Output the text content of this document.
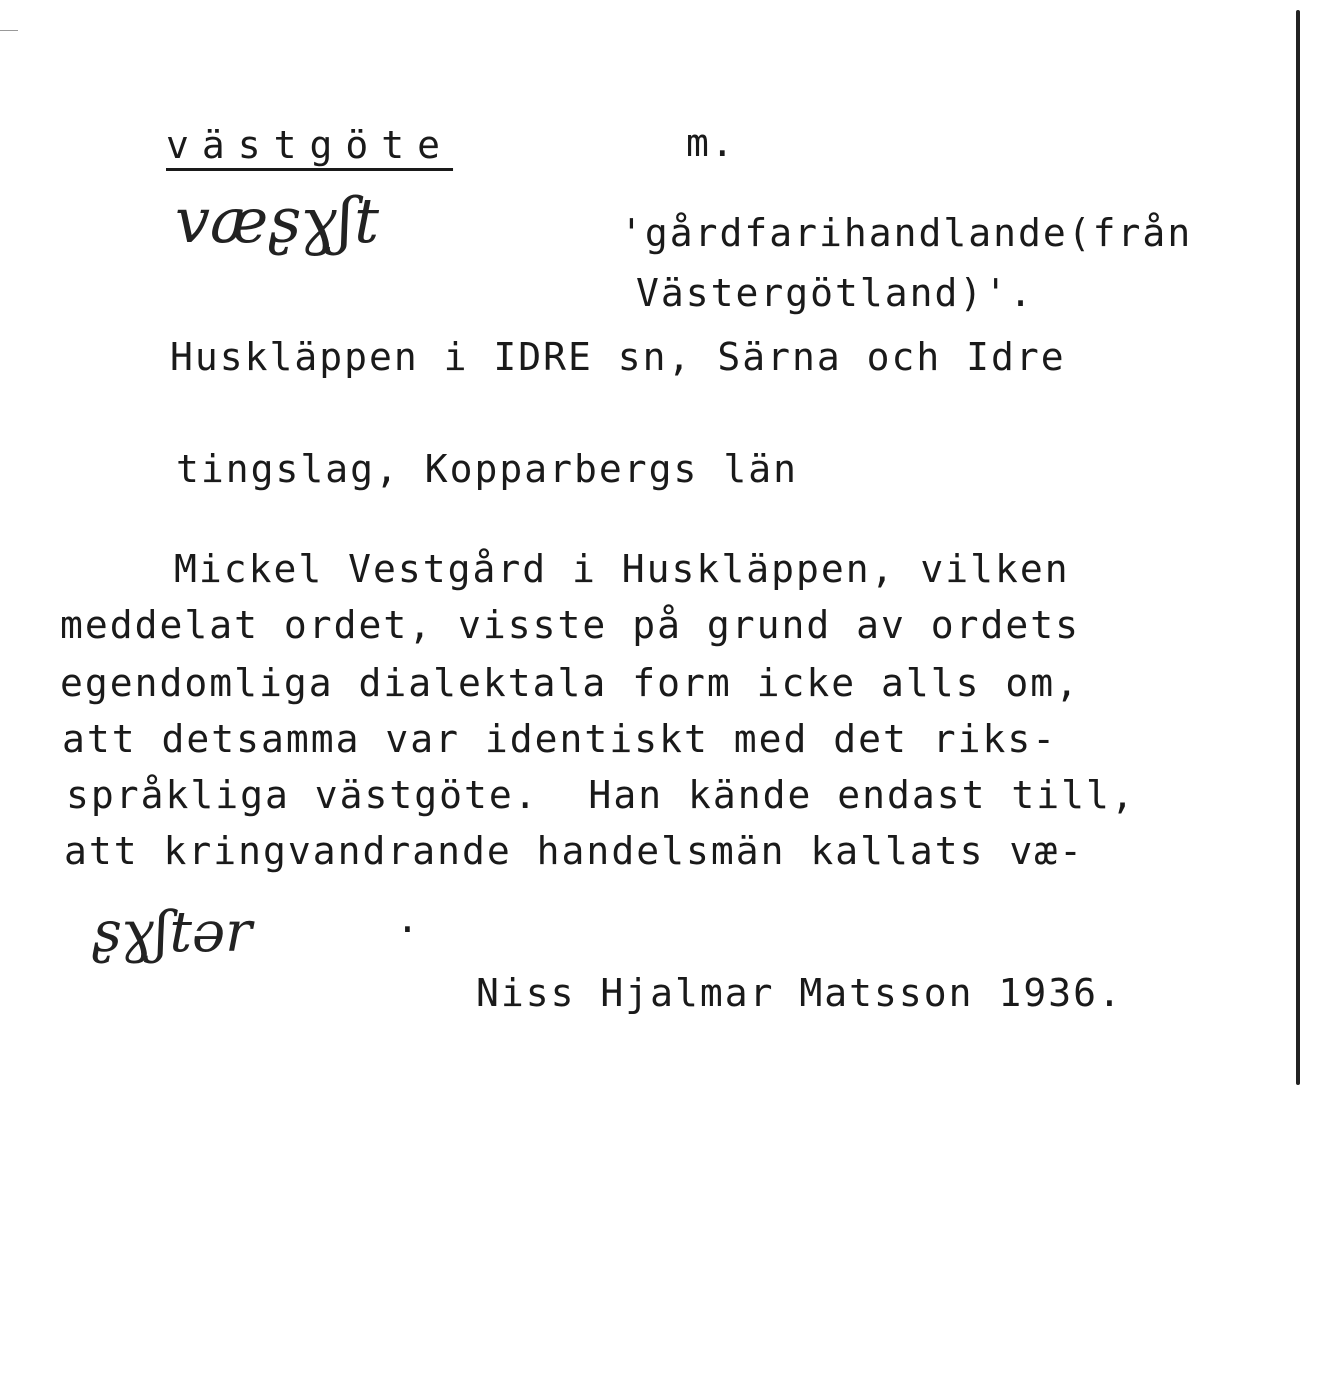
västgöte	m.
væʂɣʃt	'gårdfarihandlande(från
Västergötland)'.
Huskläppen i IDRE sn, Särna och Idre
tingslag, Kopparbergs län
Mickel Vestgård i Huskläppen, vilken
meddelat ordet, visste på grund av ordets
egendomliga dialektala form icke alls om,
att detsamma var identiskt med det riks-
språkliga västgöte.  Han kände endast till,
att kringvandrande handelsmän kallats væ-
ʂɣʃtər	.
Niss Hjalmar Matsson 1936.
